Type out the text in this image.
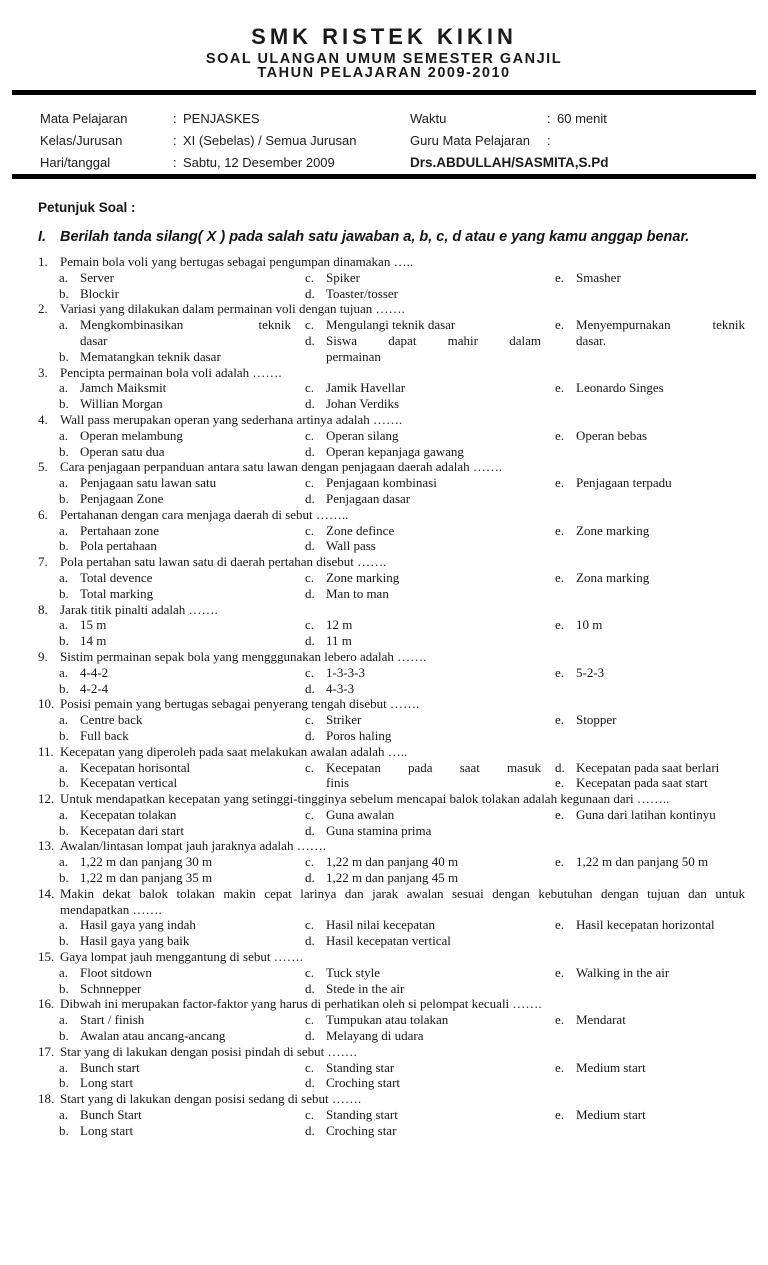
SMK RISTEK KIKIN
SOAL ULANGAN UMUM SEMESTER GANJIL
TAHUN PELAJARAN 2009-2010
Mata Pelajaran	: PENJASKES	Waktu	: 60 menit
Kelas/Jurusan	: XI (Sebelas) / Semua Jurusan	Guru Mata Pelajaran	:
Hari/tanggal	: Sabtu, 12 Desember 2009	Drs.ABDULLAH/SASMITA,S.Pd
Petunjuk Soal :
I. Berilah tanda silang( X ) pada salah satu jawaban a, b, c, d atau e yang kamu anggap benar.
1. Pemain bola voli yang bertugas sebagai pengumpan dinamakan …..
a. Server
b. Blockir
c. Spiker
d. Toaster/tosser
e. Smasher
2. Variasi yang dilakukan dalam permainan voli dengan tujuan …….
a. Mengkombinasikan teknik
dasar
b. Mematangkan teknik dasar
c. Mengulangi teknik dasar
d. Siswa dapat mahir dalam
permainan
e. Menyempurnakan teknik
dasar.
3. Pencipta permainan bola voli adalah …….
a. Jamch Maiksmit
b. Willian Morgan
c. Jamik Havellar
d. Johan Verdiks
e. Leonardo Singes
4. Wall pass merupakan operan yang sederhana artinya adalah …….
a. Operan melambung
b. Operan satu dua
c. Operan silang
d. Operan kepanjaga gawang
e. Operan bebas
5. Cara penjagaan perpanduan antara satu lawan dengan penjagaan daerah adalah …….
a. Penjagaan satu lawan satu
b. Penjagaan Zone
c. Penjagaan kombinasi
d. Penjagaan dasar
e. Penjagaan terpadu
6. Pertahanan dengan cara menjaga daerah di sebut ……..
a. Pertahaan zone
b. Pola pertahaan
c. Zone defince
d. Wall pass
e. Zone marking
7. Pola pertahan satu lawan satu di daerah pertahan disebut …….
a. Total devence
b. Total marking
c. Zone marking
d. Man to man
e. Zona marking
8. Jarak titik pinalti adalah …….
a. 15 m
b. 14 m
c. 12 m
d. 11 m
e. 10 m
9. Sistim permainan sepak bola yang mengggunakan lebero adalah …….
a. 4-4-2
b. 4-2-4
c. 1-3-3-3
d. 4-3-3
e. 5-2-3
10. Posisi pemain yang bertugas sebagai penyerang tengah disebut …….
a. Centre back
b. Full back
c. Striker
d. Poros haling
e. Stopper
11. Kecepatan yang diperoleh pada saat melakukan awalan adalah …..
a. Kecepatan horisontal
b. Kecepatan vertical
c. Kecepatan pada saat masuk
finis
d. Kecepatan pada saat berlari
e. Kecepatan pada saat start
12. Untuk mendapatkan kecepatan yang setinggi-tingginya sebelum mencapai balok tolakan adalah kegunaan dari ……..
a. Kecepatan tolakan
b. Kecepatan dari start
c. Guna awalan
d. Guna stamina prima
e. Guna dari latihan kontinyu
13. Awalan/lintasan lompat jauh jaraknya adalah …….
a. 1,22 m dan panjang 30 m
b. 1,22 m dan panjang 35 m
c. 1,22 m dan panjang 40 m
d. 1,22 m dan panjang 45 m
e. 1,22 m dan panjang 50 m
14. Makin dekat balok tolakan makin cepat larinya dan jarak awalan sesuai dengan kebutuhan dengan tujuan dan untuk
mendapatkan …….
a. Hasil gaya yang indah
b. Hasil gaya yang baik
c. Hasil nilai kecepatan
d. Hasil kecepatan vertical
e. Hasil kecepatan horizontal
15. Gaya lompat jauh menggantung di sebut …….
a. Floot sitdown
b. Schnnepper
c. Tuck style
d. Stede in the air
e. Walking in the air
16. Dibwah ini merupakan factor-faktor yang harus di perhatikan oleh si pelompat kecuali …….
a. Start / finish
b. Awalan atau ancang-ancang
c. Tumpukan atau tolakan
d. Melayang di udara
e. Mendarat
17. Star yang di lakukan dengan posisi pindah di sebut …….
a. Bunch start
b. Long start
c. Standing star
d. Croching start
e. Medium start
18. Start yang di lakukan dengan posisi sedang di sebut …….
a. Bunch Start
b. Long start
c. Standing start
d. Croching star
e. Medium start
